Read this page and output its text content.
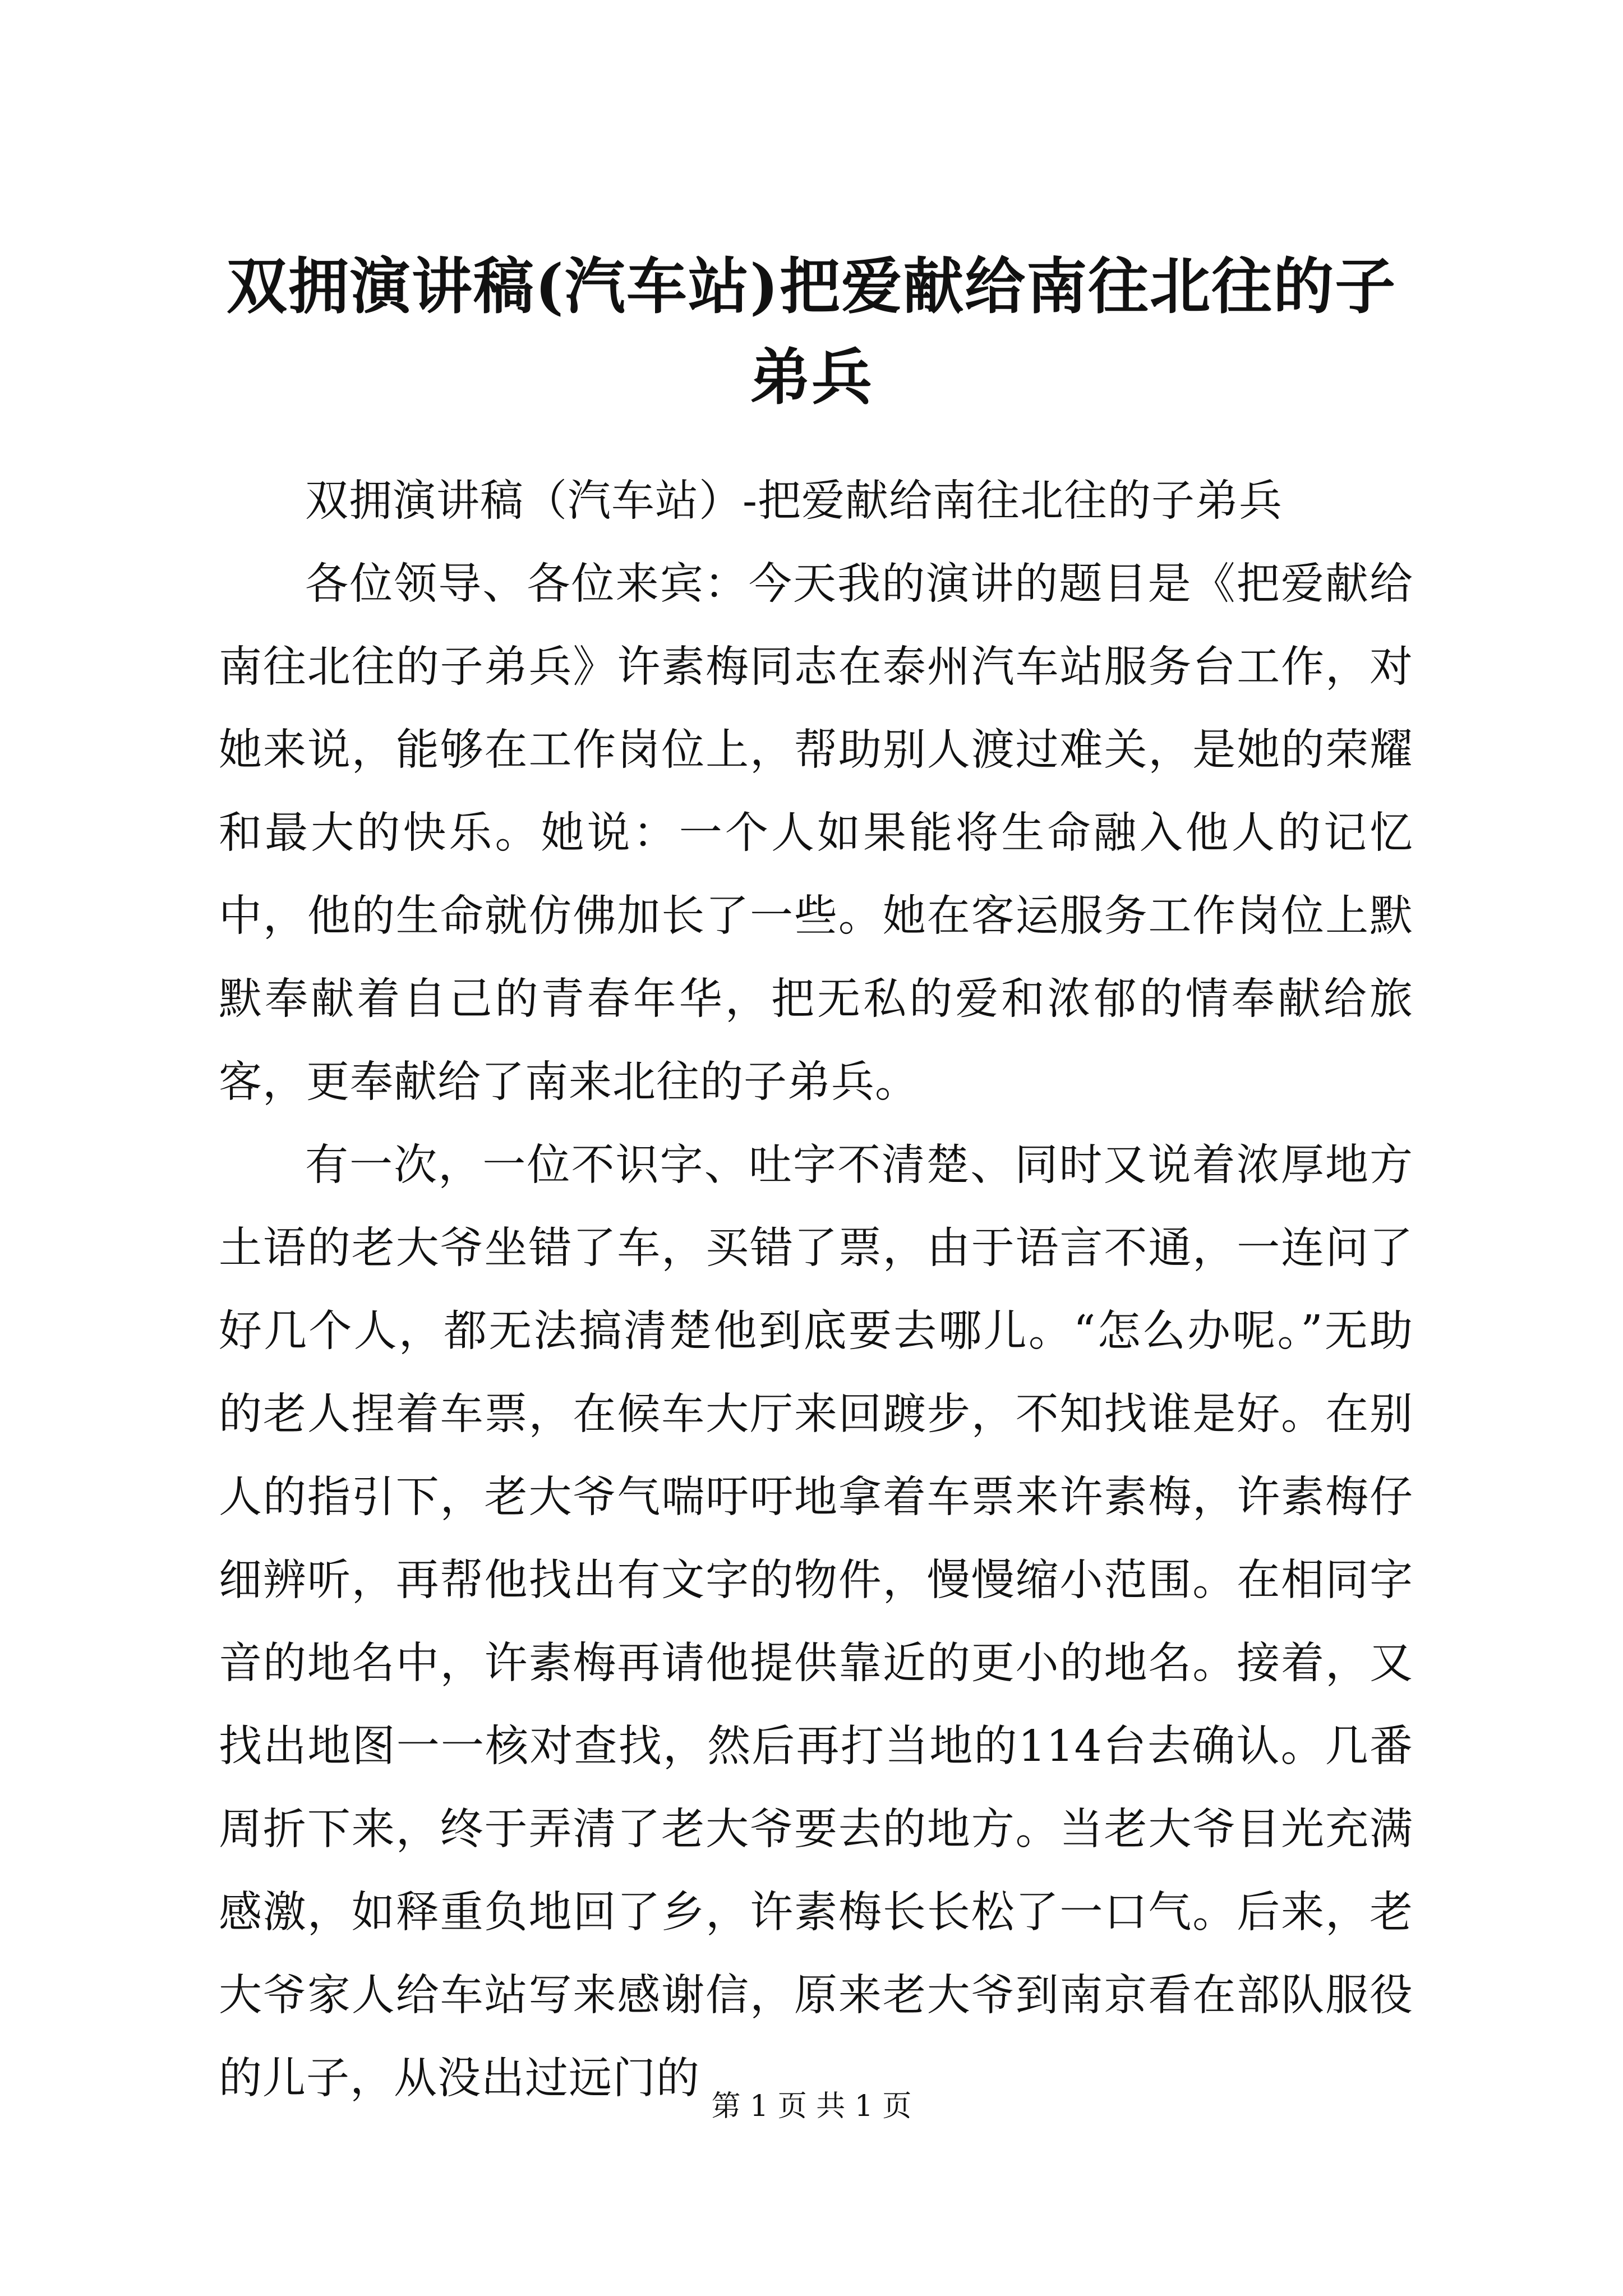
双拥演讲稿(汽车站)把爱献给南往北往的子弟兵

双拥演讲稿（汽车站）-把爱献给南往北往的子弟兵

各位领导、各位来宾：今天我的演讲的题目是《把爱献给南往北往的子弟兵》许素梅同志在泰州汽车站服务台工作，对她来说，能够在工作岗位上，帮助别人渡过难关，是她的荣耀和最大的快乐。她说：一个人如果能将生命融入他人的记忆中，他的生命就仿佛加长了一些。她在客运服务工作岗位上默默奉献着自己的青春年华，把无私的爱和浓郁的情奉献给旅客，更奉献给了南来北往的子弟兵。

有一次，一位不识字、吐字不清楚、同时又说着浓厚地方土语的老大爷坐错了车，买错了票，由于语言不通，一连问了好几个人，都无法搞清楚他到底要去哪儿。“怎么办呢。”无助的老人捏着车票，在候车大厅来回踱步，不知找谁是好。在别人的指引下，老大爷气喘吁吁地拿着车票来许素梅，许素梅仔细辨听，再帮他找出有文字的物件，慢慢缩小范围。在相同字音的地名中，许素梅再请他提供靠近的更小的地名。接着，又找出地图一一核对查找，然后再打当地的114台去确认。几番周折下来，终于弄清了老大爷要去的地方。当老大爷目光充满感激，如释重负地回了乡，许素梅长长松了一口气。后来，老大爷家人给车站写来感谢信，原来老大爷到南京看在部队服役的儿子，从没出过远门的

第 1 页 共 1 页
